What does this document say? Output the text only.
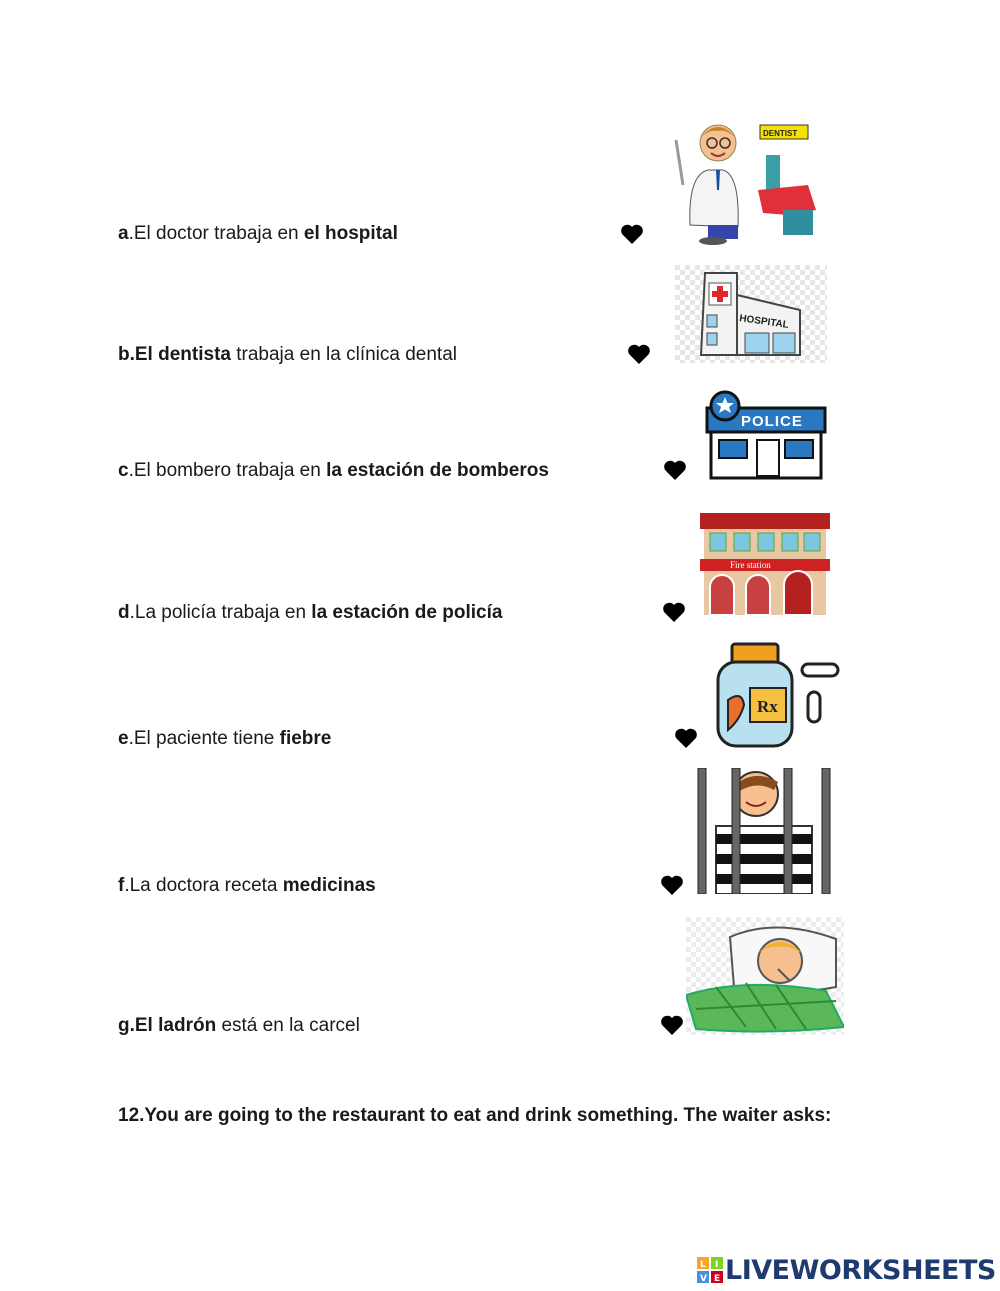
a.El doctor trabaja en el hospital
b.El dentista trabaja en la clínica dental
c.El bombero trabaja en la estación de bomberos
d.La policía trabaja en la estación de policía
e.El paciente tiene fiebre
f.La doctora receta medicinas
g.El ladrón está en la carcel
DENTIST
HOSPITAL
POLICE
Fire station
Rx
12.You are going to the restaurant to eat and drink something. The waiter asks:
L I
V E LIVEWORKSHEETS
